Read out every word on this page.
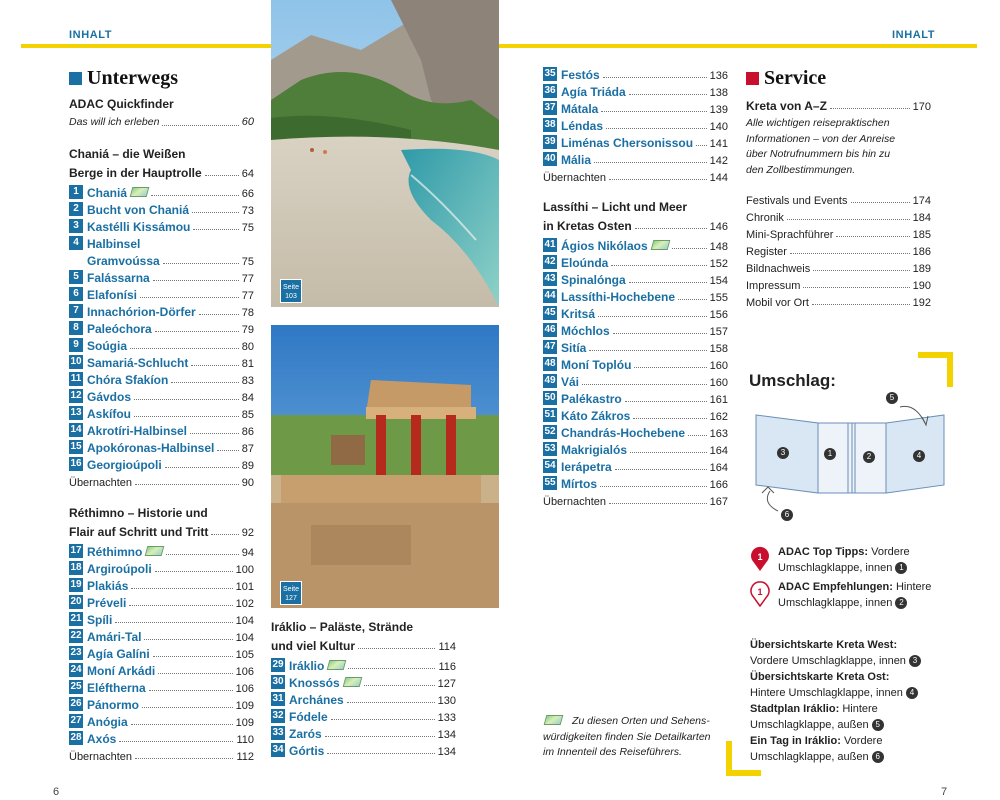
INHALT	INHALT
Unterwegs
ADAC Quickfinder
Das will ich erleben	60
Chaniá – die Weißen
Berge in der Hauptrolle	64
1 Chaniá	66
2 Bucht von Chaniá	73
3 Kastélli Kissámou	75
4 Halbinsel
Gramvoússa	75
5 Falássarna	77
6 Elafonísi	77
7 Innachórion-Dörfer	78
8 Paleóchora	79
9 Soúgia	80
10 Samariá-Schlucht	81
11 Chóra Sfakíon	83
12 Gávdos	84
13 Askífou	85
14 Akrotíri-Halbinsel	86
15 Apokóronas-Halbinsel 87
16 Georgioúpoli	89
Übernachten	90
Réthimno – Historie und
Flair auf Schritt und Tritt	92
17 Réthimno	94
18 Argiroúpoli	100
19 Plakiás	101
20 Préveli	102
21 Spíli	104
22 Amári-Tal	104
23 Agía Galíni	105
24 Moní Arkádi	106
25 Eléftherna	106
26 Pánormo	109
27 Anógia	109
28 Axós	110
Übernachten	112
Seite
103
Seite
127
Iráklio – Paläste, Strände
und viel Kultur	114
29 Iráklio	116
30 Knossós	127
31 Archánes	130
32 Fódele	133
33 Zarós	134
34 Górtis	134
35 Festós	136
36 Agía Triáda	138
37 Mátala	139
38 Léndas	140
39 Liménas Chersonissou 141
40 Mália	142
Übernachten	144
Lassíthi – Licht und Meer
in Kretas Osten	146
41 Ágios Nikólaos	148
42 Eloúnda	152
43 Spinalónga	154
44 Lassíthi-Hochebene	155
45 Kritsá	156
46 Móchlos	157
47 Sitía	158
48 Moní Toplóu	160
49 Vái	160
50 Palékastro	161
51 Káto Zákros	162
52 Chandrás-Hochebene 163
53 Makrigialós	164
54 Ierápetra	164
55 Mírtos	166
Übernachten	167
Zu diesen Orten und Sehens-
würdigkeiten finden Sie Detailkarten
im Innenteil des Reiseführers.
Service
Kreta von A–Z	170
Alle wichtigen reisepraktischen
Informationen – von der Anreise
über Notrufnummern bis hin zu
den Zollbestimmungen.
Festivals und Events	174
Chronik	184
Mini-Sprachführer	185
Register	186
Bildnachweis	189
Impressum	190
Mobil vor Ort	192
Umschlag:
3	1	2	4
5
6
1 ADAC Top Tipps: Vordere
Umschlagklappe, innen 1
1 ADAC Empfehlungen: Hintere
Umschlagklappe, innen 2
Übersichtskarte Kreta West:
Vordere Umschlagklappe, innen 3
Übersichtskarte Kreta Ost:
Hintere Umschlagklappe, innen 4
Stadtplan Iráklio: Hintere
Umschlagklappe, außen 5
Ein Tag in Iráklio: Vordere
Umschlagklappe, außen 6
6	7
